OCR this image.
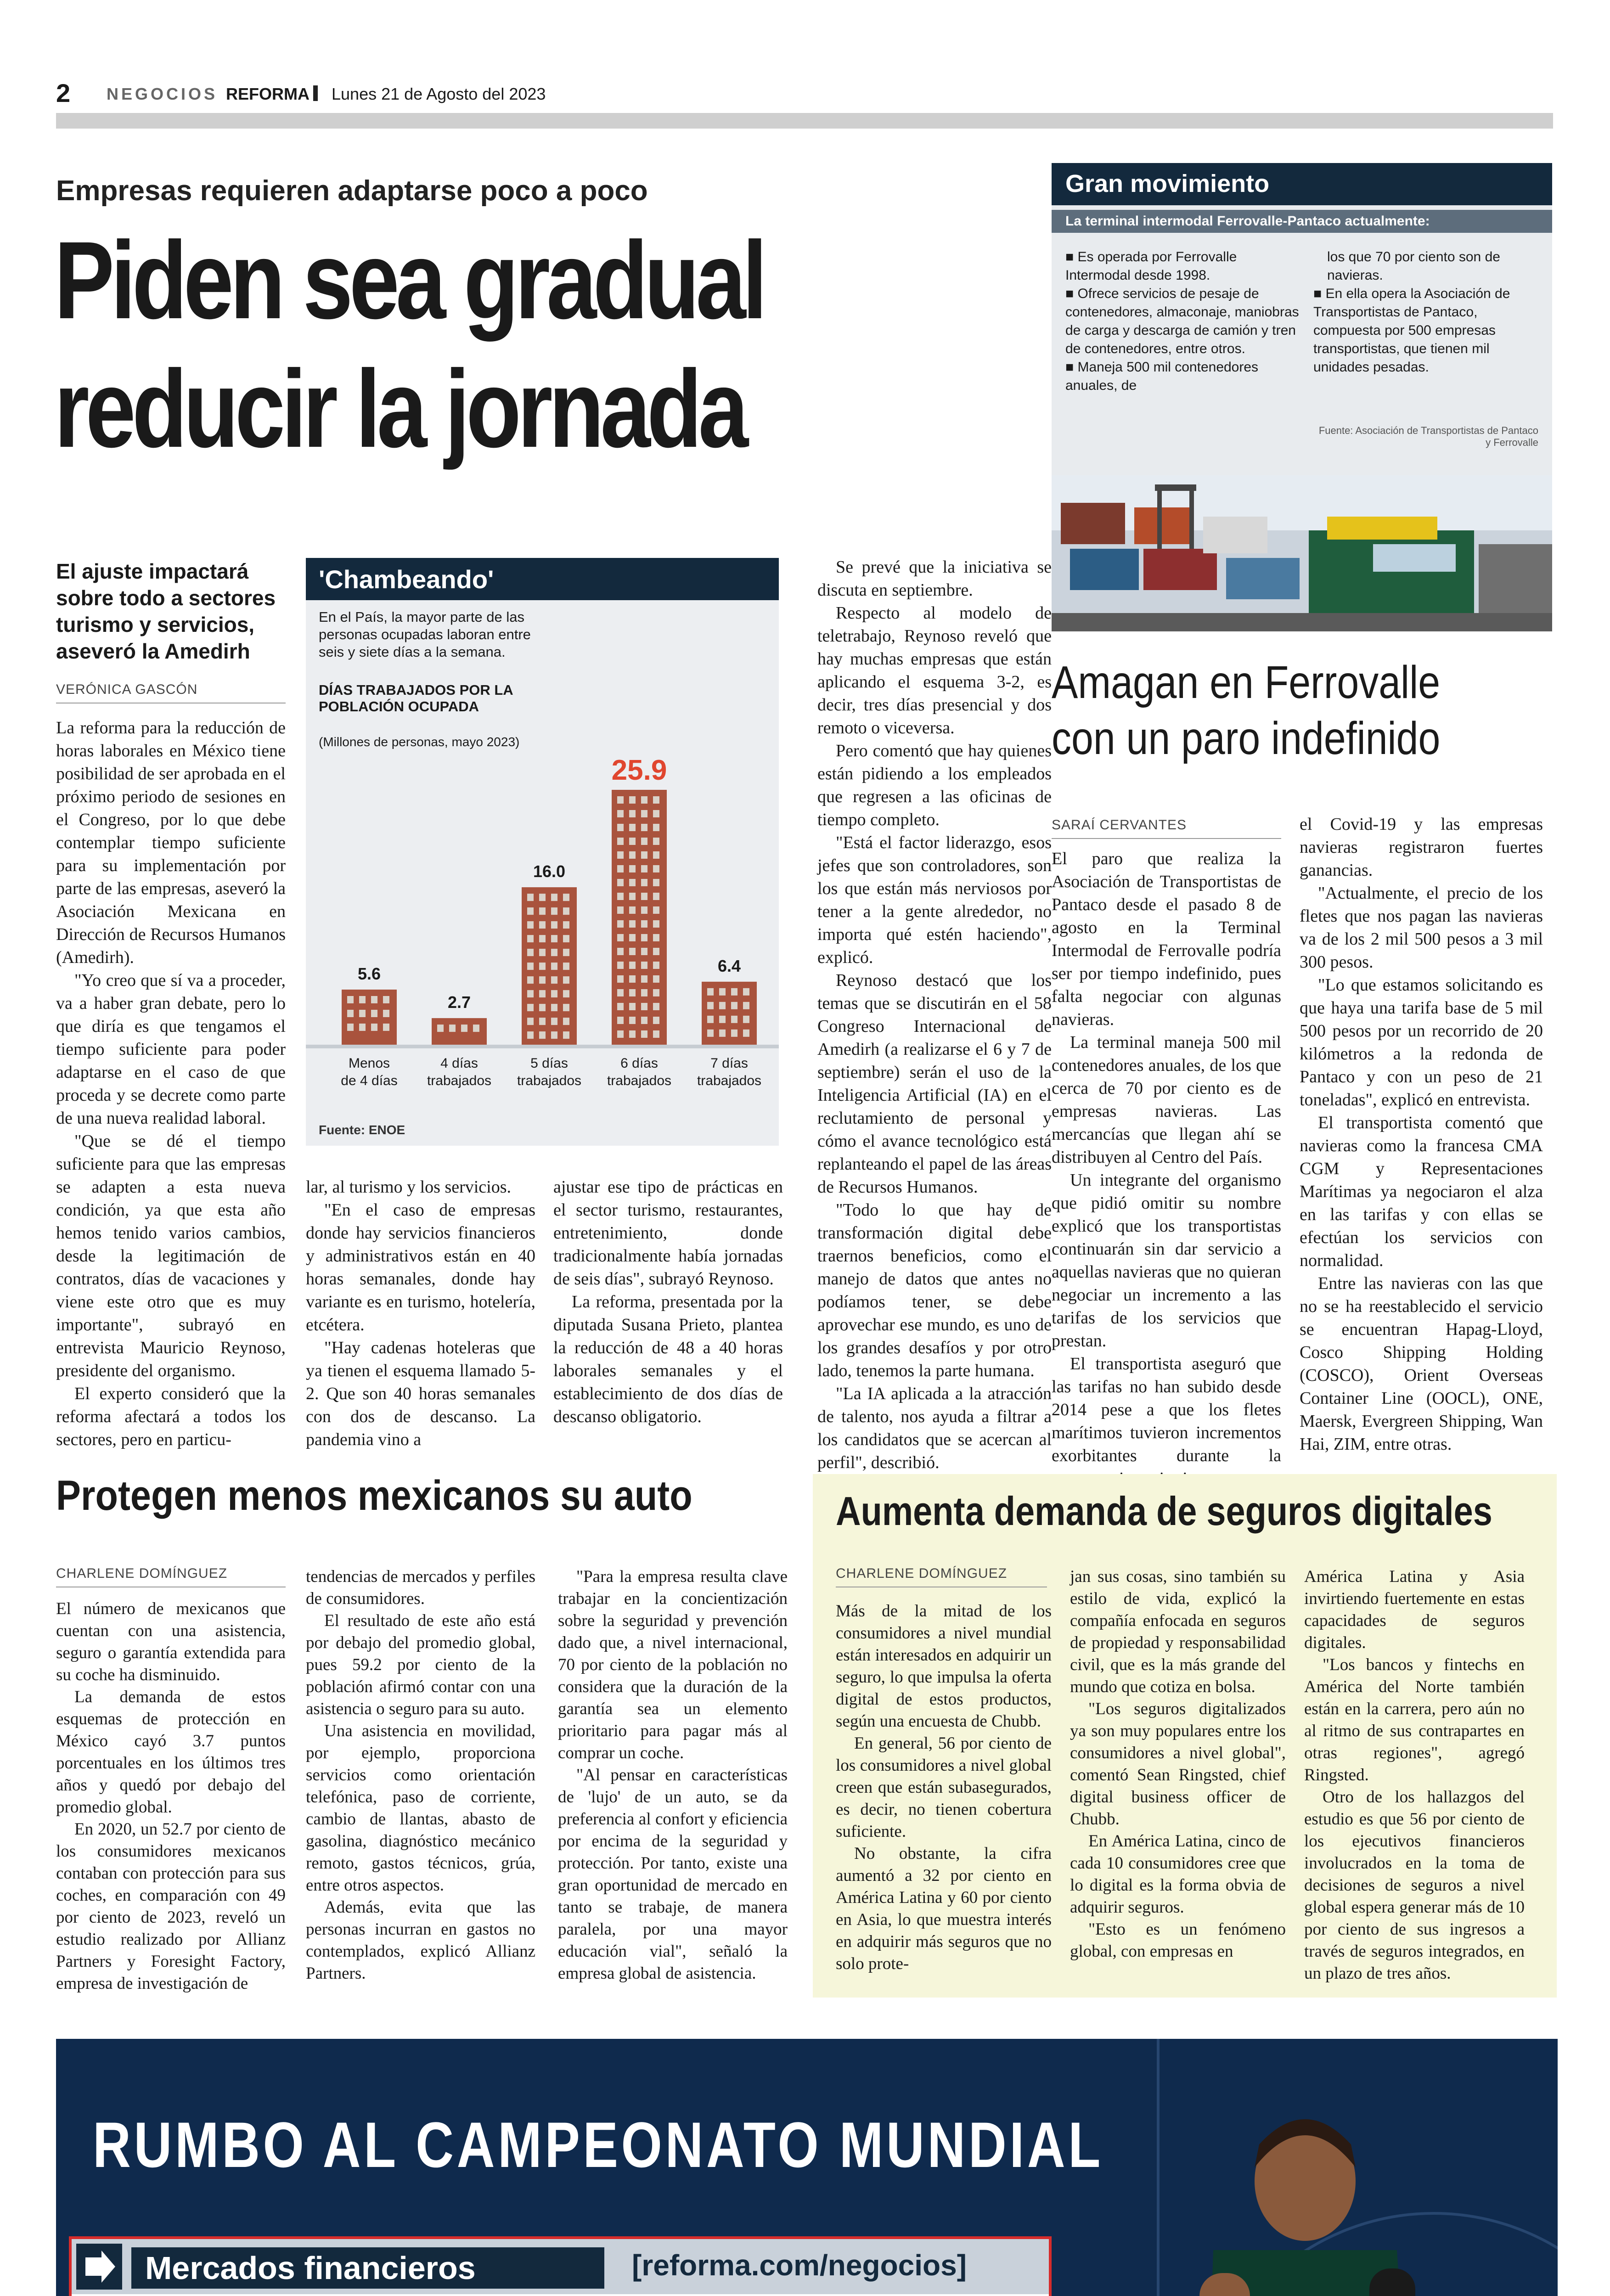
2 NEGOCIOS REFORMA Lunes 21 de Agosto del 2023
Empresas requieren adaptarse poco a poco
Piden sea gradual
reducir la jornada
El ajuste impactará sobre todo a sectores turismo y servicios, aseveró la Amedirh
VERÓNICA GASCÓN

La reforma para la reducción de horas laborales en México tiene posibilidad de ser aprobada en el próximo periodo de sesiones en el Congreso, por lo que debe contemplar tiempo suficiente para su implementación por parte de las empresas, aseveró la Asociación Mexicana en Dirección de Recursos Humanos (Amedirh).

"Yo creo que sí va a proceder, va a haber gran debate, pero lo que diría es que tengamos el tiempo suficiente para poder adaptarse en el caso de que proceda y se decrete como parte de una nueva realidad laboral.

"Que se dé el tiempo suficiente para que las empresas se adapten a esta nueva condición, ya que esta año hemos tenido varios cambios, desde la legitimación de contratos, días de vacaciones y viene este otro que es muy importante", subrayó en entrevista Mauricio Reynoso, presidente del organismo.

El experto consideró que la reforma afectará a todos los sectores, pero en particu-

lar, al turismo y los servicios.

"En el caso de empresas donde hay servicios financieros y administrativos están en 40 horas semanales, donde hay variante es en turismo, hotelería, etcétera.

"Hay cadenas hoteleras que ya tienen el esquema llamado 5-2. Que son 40 horas semanales con dos de descanso. La pandemia vino a

ajustar ese tipo de prácticas en el sector turismo, restaurantes, entretenimiento, donde tradicionalmente había jornadas de seis días", subrayó Reynoso.

La reforma, presentada por la diputada Susana Prieto, plantea la reducción de 48 a 40 horas laborales semanales y el establecimiento de dos días de descanso obligatorio.

Se prevé que la iniciativa se discuta en septiembre.

Respecto al modelo de teletrabajo, Reynoso reveló que hay muchas empresas que están aplicando el esquema 3-2, es decir, tres días presencial y dos remoto o viceversa.

Pero comentó que hay quienes están pidiendo a los empleados que regresen a las oficinas de tiempo completo.

"Está el factor liderazgo, esos jefes que son controladores, son los que están más nerviosos por tener a la gente alrededor, no importa qué estén haciendo", explicó.

Reynoso destacó que los temas que se discutirán en el 58 Congreso Internacional de Amedirh (a realizarse el 6 y 7 de septiembre) serán el uso de la Inteligencia Artificial (IA) en el reclutamiento de personal y cómo el avance tecnológico está replanteando el papel de las áreas de Recursos Humanos.

"Todo lo que hay de transformación digital debe traernos beneficios, como el manejo de datos que antes no podíamos tener, se debe aprovechar ese mundo, es uno de los grandes desafíos y por otro lado, tenemos la parte humana.

"La IA aplicada a la atracción de talento, nos ayuda a filtrar a los candidatos que se acercan al perfil", describió.

'Chambeando'
En el País, la mayor parte de las personas ocupadas laboran entre seis y siete días a la semana.
DÍAS TRABAJADOS POR LA POBLACIÓN OCUPADA
(Millones de personas, mayo 2023)
5.6
Menos
de 4 días
2.7
4 días
trabajados
16.0
5 días
trabajados
25.9
6 días
trabajados
6.4
7 días
trabajados
Fuente: ENOE
Gran movimiento
La terminal intermodal Ferrovalle-Pantaco actualmente:
■ Es operada por Ferrovalle Intermodal desde 1998.
■ Ofrece servicios de pesaje de contenedores, almaconaje, maniobras de carga y descarga de camión y tren de contenedores, entre otros.
■ Maneja 500 mil contenedores anuales, de
los que 70 por ciento son de navieras.
■ En ella opera la Asociación de Transportistas de Pantaco, compuesta por 500 empresas transportistas, que tienen mil unidades pesadas.
Fuente: Asociación de Transportistas de Pantaco y Ferrovalle
Amagan en Ferrovalle
con un paro indefinido
SARAÍ CERVANTES

El paro que realiza la Asociación de Transportistas de Pantaco desde el pasado 8 de agosto en la Terminal Intermodal de Ferrovalle podría ser por tiempo indefinido, pues falta negociar con algunas navieras.

La terminal maneja 500 mil contenedores anuales, de los que cerca de 70 por ciento es de empresas navieras. Las mercancías que llegan ahí se distribuyen al Centro del País.

Un integrante del organismo que pidió omitir su nombre explicó que los transportistas continuarán sin dar servicio a aquellas navieras que no quieran negociar un incremento a las tarifas de los servicios que prestan.

El transportista aseguró que las tarifas no han subido desde 2014 pese a que los fletes marítimos tuvieron incrementos exorbitantes durante la

el Covid-19 y las empresas navieras registraron fuertes ganancias.

"Actualmente, el precio de los fletes que nos pagan las navieras va de los 2 mil 500 pesos a 3 mil 300 pesos.

"Lo que estamos solicitando es que haya una tarifa base de 5 mil 500 pesos por un recorrido de 20 kilómetros a la redonda de Pantaco y con un peso de 21 toneladas", explicó en entrevista.

El transportista comentó que navieras como la francesa CMA CGM y Representaciones Marítimas ya negociaron el alza en las tarifas y con ellas se efectúan los servicios con normalidad.

Entre las navieras con las que no se ha reestablecido el servicio se encuentran Hapag-Lloyd, Cosco Shipping Holding (COSCO), Orient Overseas Container Line (OOCL), ONE, Maersk, Evergreen Shipping, Wan Hai, ZIM, entre otras.

Protegen menos mexicanos su auto
CHARLENE DOMÍNGUEZ

El número de mexicanos que cuentan con una asistencia, seguro o garantía extendida para su coche ha disminuido.

La demanda de estos esquemas de protección en México cayó 3.7 puntos porcentuales en los últimos tres años y quedó por debajo del promedio global.

En 2020, un 52.7 por ciento de los consumidores mexicanos contaban con protección para sus coches, en comparación con 49 por ciento de 2023, reveló un estudio realizado por Allianz Partners y Foresight Factory, empresa de investigación de

tendencias de mercados y perfiles de consumidores.

El resultado de este año está por debajo del promedio global, pues 59.2 por ciento de la población afirmó contar con una asistencia o seguro para su auto.

Una asistencia en movilidad, por ejemplo, proporciona servicios como orientación telefónica, paso de corriente, cambio de llantas, abasto de gasolina, diagnóstico mecánico remoto, gastos técnicos, grúa, entre otros aspectos.

Además, evita que las personas incurran en gastos no contemplados, explicó Allianz Partners.

"Para la empresa resulta clave trabajar en la concientización sobre la seguridad y prevención dado que, a nivel internacional, 70 por ciento de la población no considera que la duración de la garantía sea un elemento prioritario para pagar más al comprar un coche.

"Al pensar en características de 'lujo' de un auto, se da preferencia al confort y eficiencia por encima de la seguridad y protección. Por tanto, existe una gran oportunidad de mercado en tanto se trabaje, de manera paralela, por una mayor educación vial", señaló la empresa global de asistencia.

Aumenta demanda de seguros digitales
CHARLENE DOMÍNGUEZ

Más de la mitad de los consumidores a nivel mundial están interesados en adquirir un seguro, lo que impulsa la oferta digital de estos productos, según una encuesta de Chubb.

En general, 56 por ciento de los consumidores a nivel global creen que están subasegurados, es decir, no tienen cobertura suficiente.

No obstante, la cifra aumentó a 32 por ciento en América Latina y 60 por ciento en Asia, lo que muestra interés en adquirir más seguros que no solo prote-

jan sus cosas, sino también su estilo de vida, explicó la compañía enfocada en seguros de propiedad y responsabilidad civil, que es la más grande del mundo que cotiza en bolsa.

"Los seguros digitalizados ya son muy populares entre los consumidores a nivel global", comentó Sean Ringsted, chief digital business officer de Chubb.

En América Latina, cinco de cada 10 consumidores cree que lo digital es la forma obvia de adquirir seguros.

"Esto es un fenómeno global, con empresas en

América Latina y Asia invirtiendo fuertemente en estas capacidades de seguros digitales.

"Los bancos y fintechs en América del Norte también están en la carrera, pero aún no al ritmo de sus contrapartes en otras regiones", agregó Ringsted.

Otro de los hallazgos del estudio es que 56 por ciento de los ejecutivos financieros involucrados en la toma de decisiones de seguros a nivel global espera generar más de 10 por ciento de sus ingresos a través de seguros integrados, en un plazo de tres años.

RUMBO AL CAMPEONATO MUNDIAL
Mercados financieros	[reforma.com/negocios]
